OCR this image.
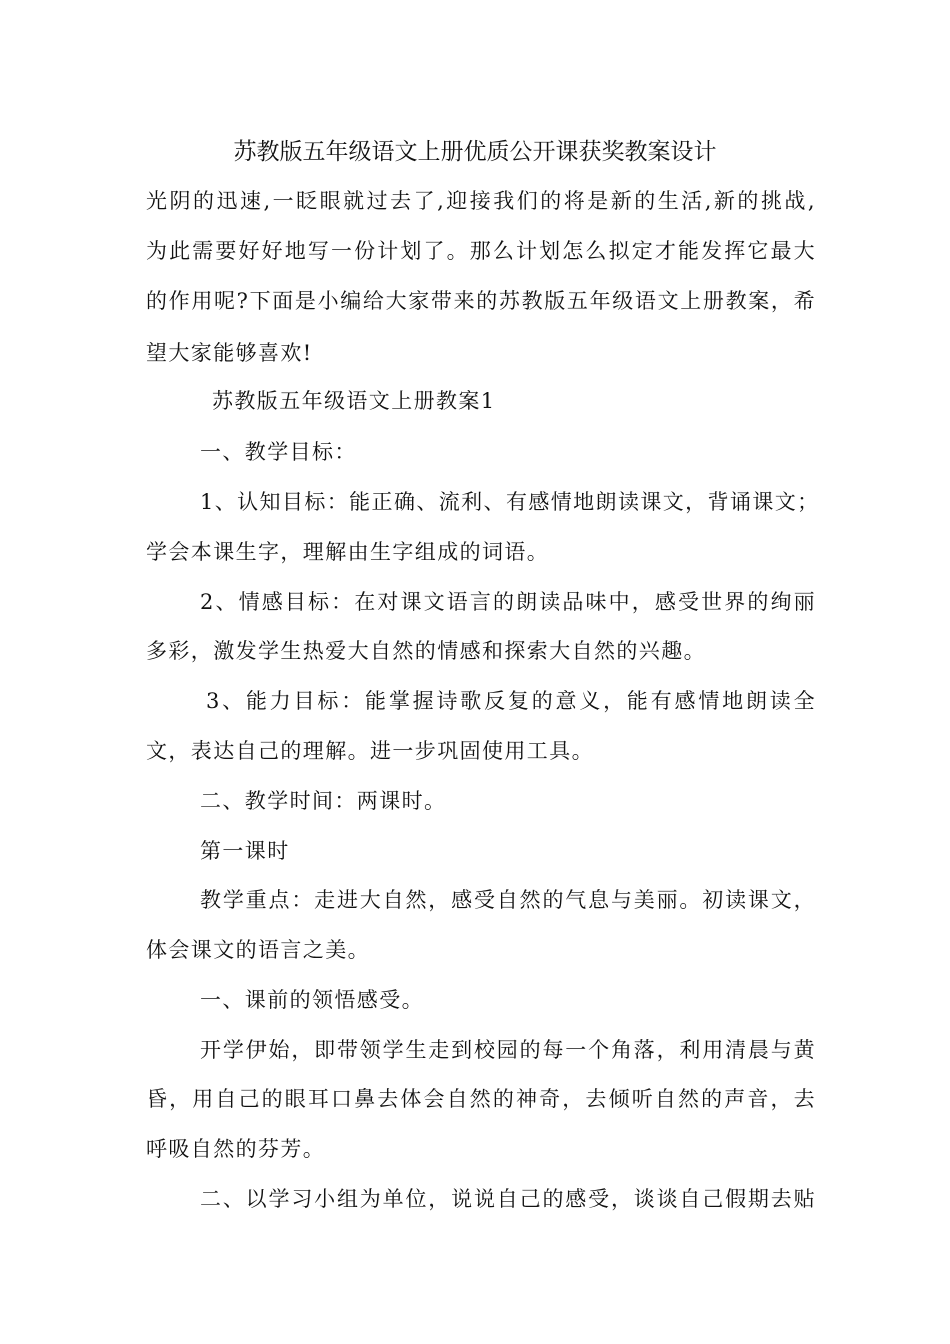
苏教版五年级语文上册优质公开课获奖教案设计
光阴的迅速,一眨眼就过去了,迎接我们的将是新的生活,新的挑战,
为此需要好好地写一份计划了。那么计划怎么拟定才能发挥它最大
的作用呢?下面是小编给大家带来的苏教版五年级语文上册教案，希
望大家能够喜欢!
苏教版五年级语文上册教案1
一、教学目标：
1、认知目标：能正确、流利、有感情地朗读课文，背诵课文；
学会本课生字，理解由生字组成的词语。
2、情感目标：在对课文语言的朗读品味中，感受世界的绚丽
多彩，激发学生热爱大自然的情感和探索大自然的兴趣。
3、能力目标：能掌握诗歌反复的意义，能有感情地朗读全
文，表达自己的理解。进一步巩固使用工具。
二、教学时间：两课时。
第一课时
教学重点：走进大自然，感受自然的气息与美丽。初读课文，
体会课文的语言之美。
一、课前的领悟感受。
开学伊始，即带领学生走到校园的每一个角落，利用清晨与黄
昏，用自己的眼耳口鼻去体会自然的神奇，去倾听自然的声音，去
呼吸自然的芬芳。
二、以学习小组为单位，说说自己的感受，谈谈自己假期去贴
